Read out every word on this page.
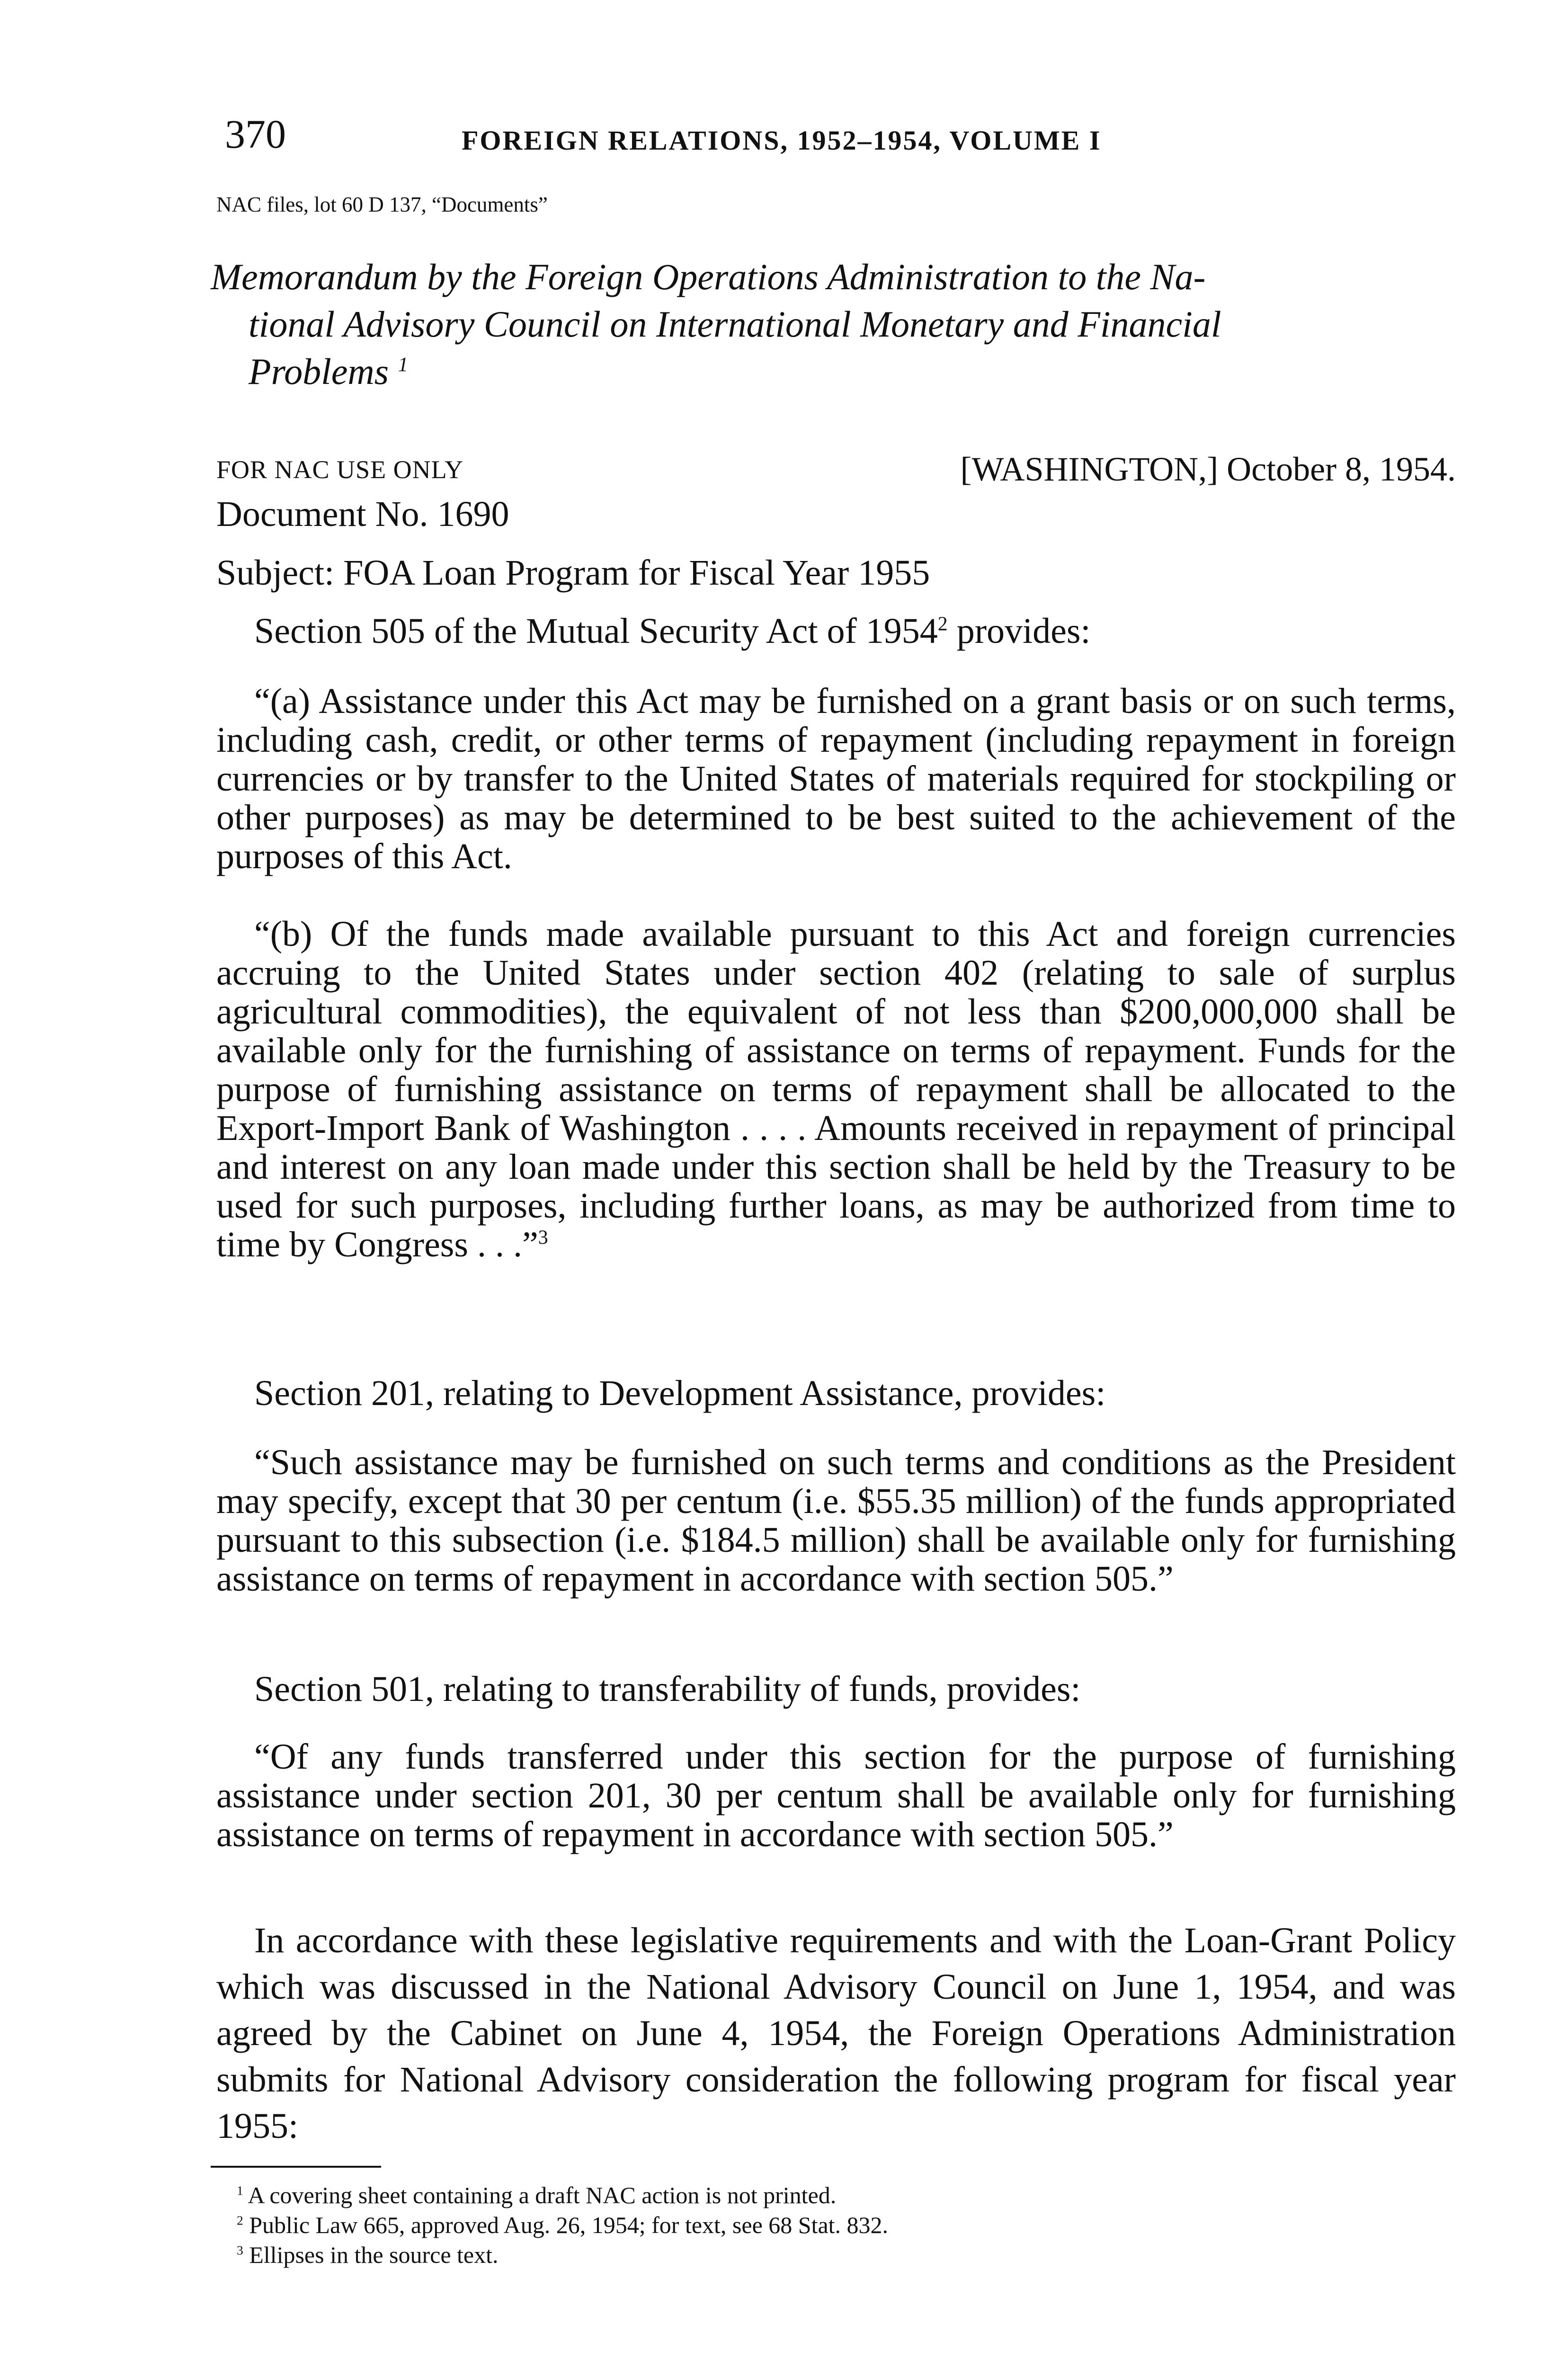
370	FOREIGN RELATIONS, 1952–1954, VOLUME I
NAC files, lot 60 D 137, “Documents”
Memorandum by the Foreign Operations Administration to the Na-
tional Advisory Council on International Monetary and Financial
Problems $^1$
FOR NAC USE ONLY	[WASHINGTON,] October 8, 1954.
Document No. 1690
Subject: FOA Loan Program for Fiscal Year 1955
Section 505 of the Mutual Security Act of 1954$^2$ provides:
“(a) Assistance under this Act may be furnished on a grant basis or on such terms, including cash, credit, or other terms of repayment (including repayment in foreign currencies or by transfer to the United States of materials required for stockpiling or other purposes) as may be determined to be best suited to the achievement of the purposes of this Act.
“(b) Of the funds made available pursuant to this Act and foreign currencies accruing to the United States under section 402 (relating to sale of surplus agricultural commodities), the equivalent of not less than $200,000,000 shall be available only for the furnishing of assistance on terms of repayment. Funds for the purpose of furnishing assistance on terms of repayment shall be allocated to the Export-Import Bank of Washington . . . . Amounts received in repayment of principal and interest on any loan made under this section shall be held by the Treasury to be used for such purposes, including further loans, as may be authorized from time to time by Congress . . .”$^3$
Section 201, relating to Development Assistance, provides:
“Such assistance may be furnished on such terms and conditions as the President may specify, except that 30 per centum (i.e. $55.35 million) of the funds appropriated pursuant to this subsection (i.e. $184.5 million) shall be available only for furnishing assistance on terms of repayment in accordance with section 505.”
Section 501, relating to transferability of funds, provides:
“Of any funds transferred under this section for the purpose of furnishing assistance under section 201, 30 per centum shall be available only for furnishing assistance on terms of repayment in accordance with section 505.”
In accordance with these legislative requirements and with the Loan-Grant Policy which was discussed in the National Advisory Council on June 1, 1954, and was agreed by the Cabinet on June 4, 1954, the Foreign Operations Administration submits for National Advisory consideration the following program for fiscal year 1955:
$^1$ A covering sheet containing a draft NAC action is not printed.
$^2$ Public Law 665, approved Aug. 26, 1954; for text, see 68 Stat. 832.
$^3$ Ellipses in the source text.
